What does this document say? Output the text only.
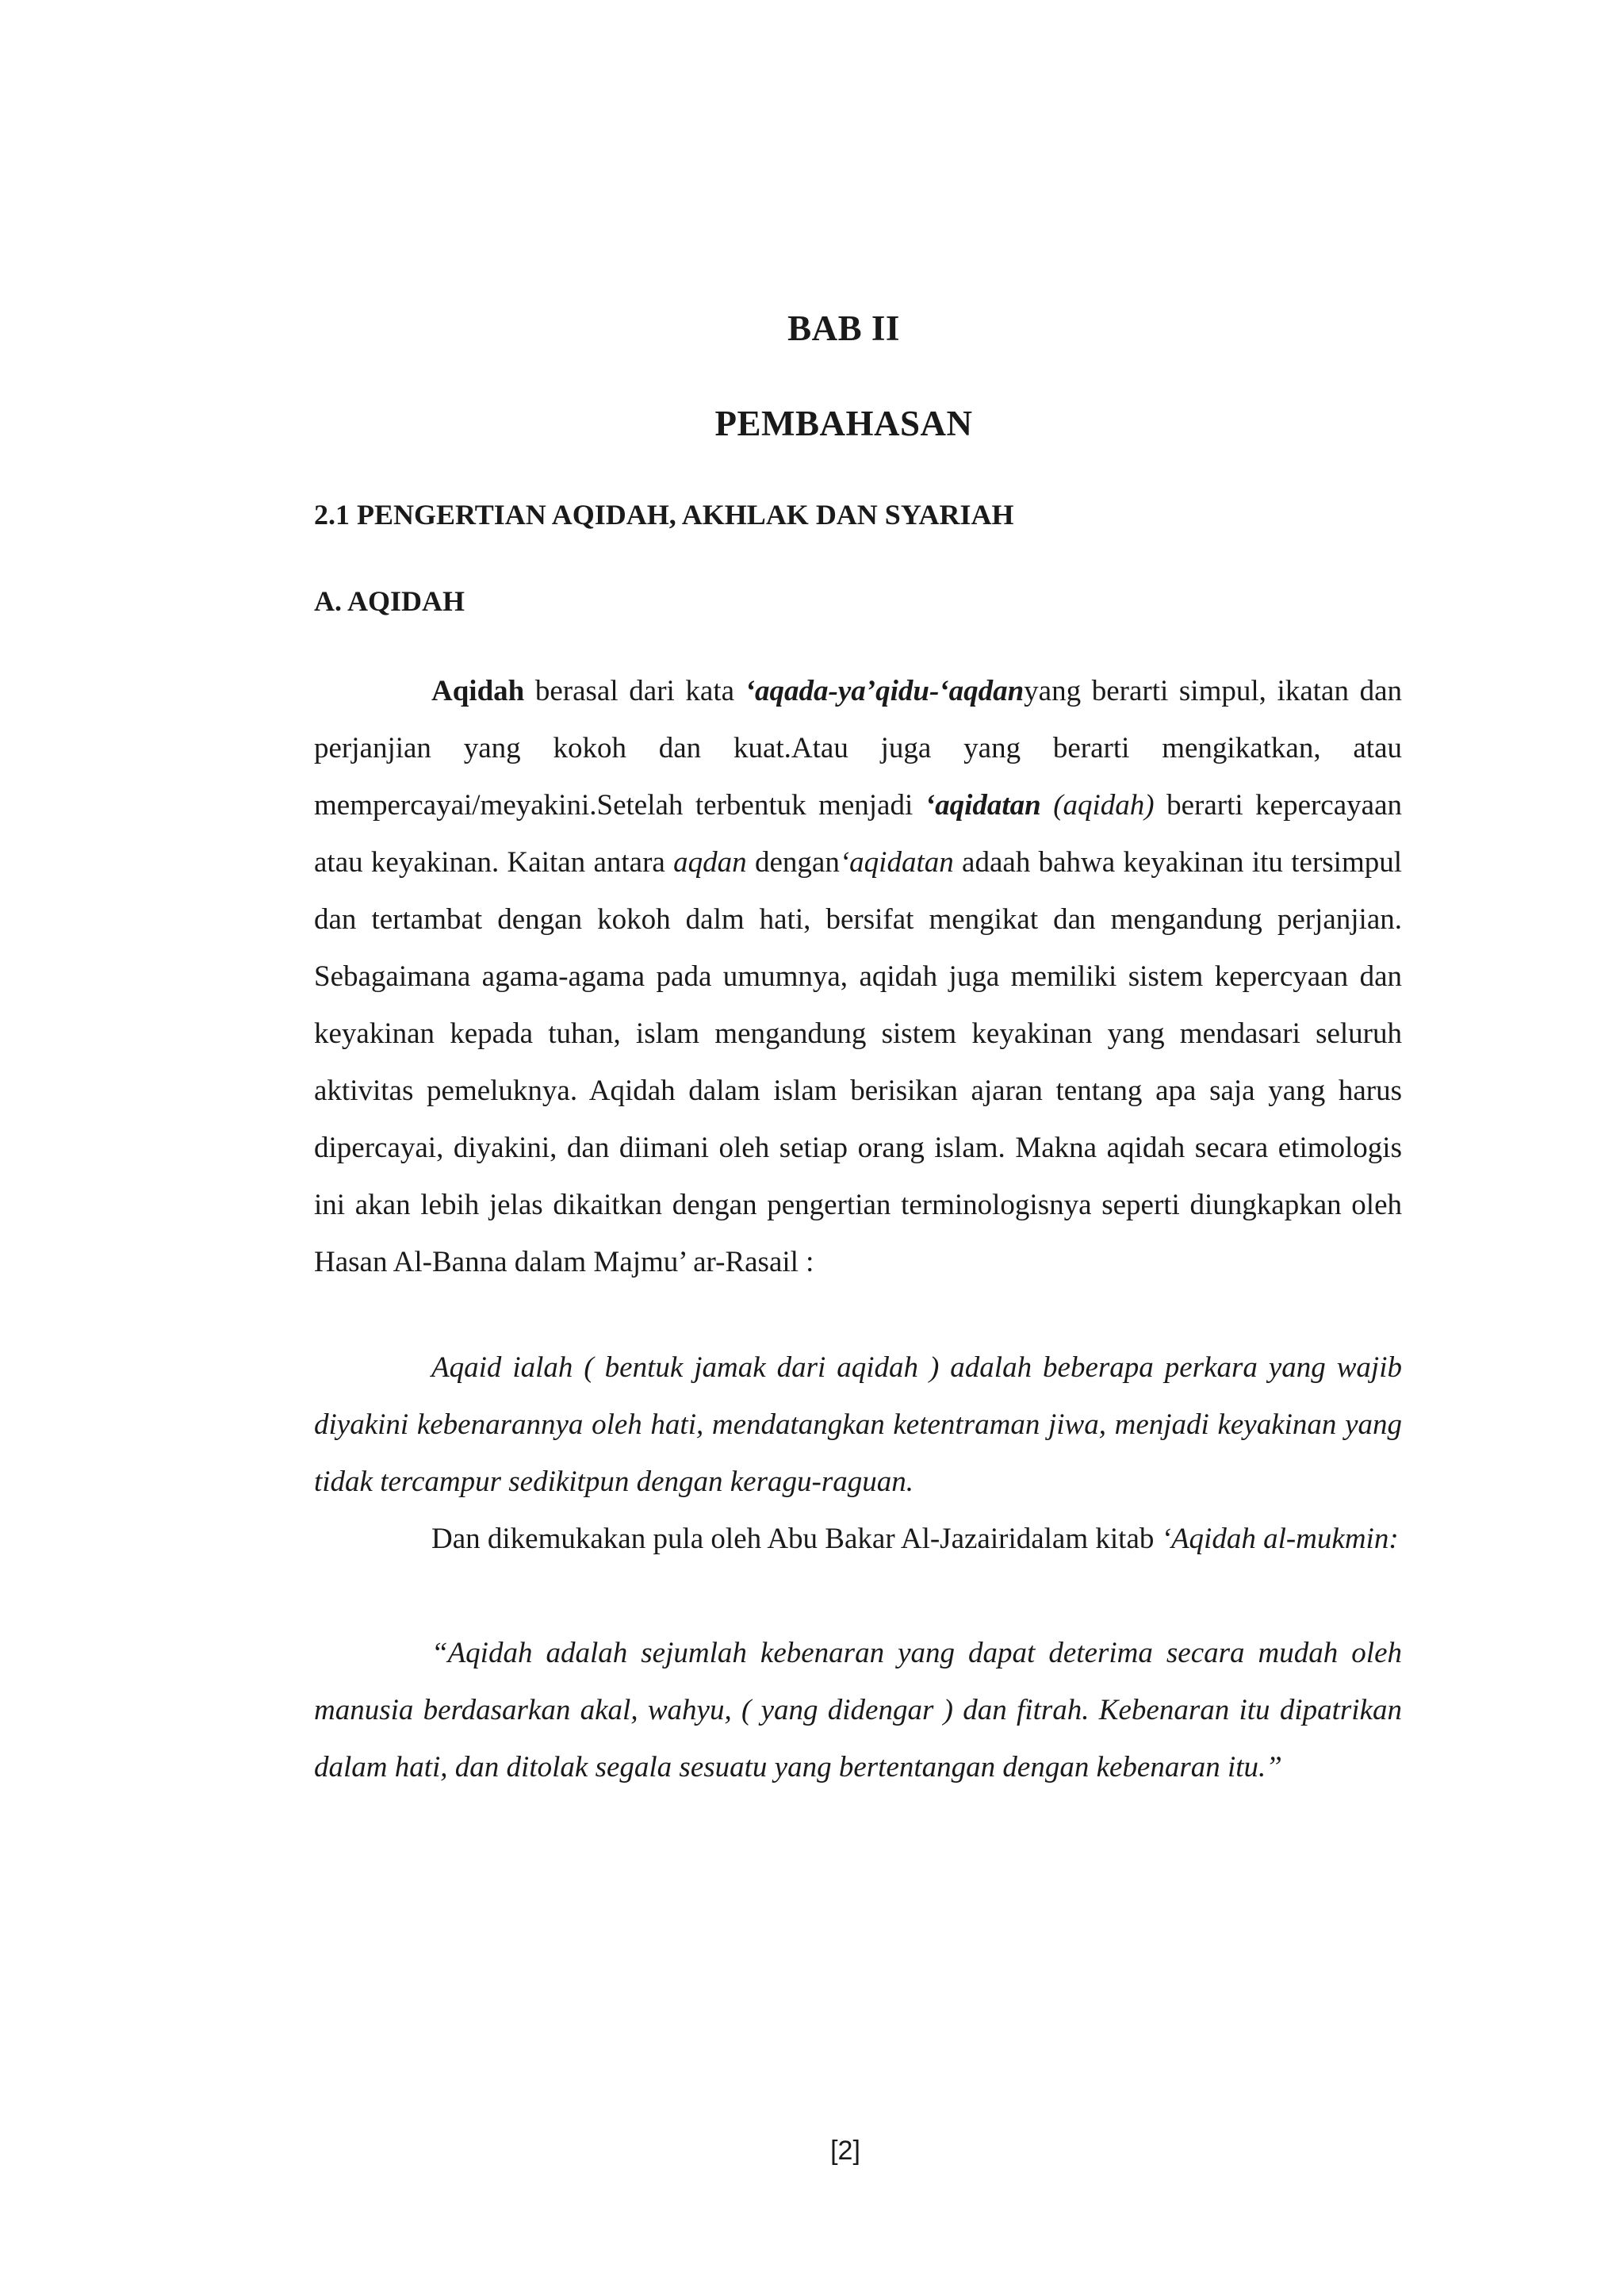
BAB II
PEMBAHASAN
2.1 PENGERTIAN AQIDAH, AKHLAK DAN SYARIAH
A. AQIDAH

Aqidah berasal dari kata ‘aqada-ya’qidu-‘aqdanyang berarti simpul, ikatan dan perjanjian yang kokoh dan kuat.Atau juga yang berarti mengikatkan, atau mempercayai/meyakini.Setelah terbentuk menjadi ‘aqidatan (aqidah) berarti kepercayaan atau keyakinan. Kaitan antara aqdan dengan‘aqidatan adaah bahwa keyakinan itu tersimpul dan tertambat dengan kokoh dalm hati, bersifat mengikat dan mengandung perjanjian. Sebagaimana agama-agama pada umumnya, aqidah juga memiliki sistem kepercyaan dan keyakinan kepada tuhan, islam mengandung sistem keyakinan yang mendasari seluruh aktivitas pemeluknya. Aqidah dalam islam berisikan ajaran tentang apa saja yang harus dipercayai, diyakini, dan diimani oleh setiap orang islam. Makna aqidah secara etimologis ini akan lebih jelas dikaitkan dengan pengertian terminologisnya seperti diungkapkan oleh Hasan Al-Banna dalam Majmu’ ar-Rasail :

Aqaid ialah ( bentuk jamak dari aqidah ) adalah beberapa perkara yang wajib diyakini kebenarannya oleh hati, mendatangkan ketentraman jiwa, menjadi keyakinan yang tidak tercampur sedikitpun dengan keragu-raguan.

Dan dikemukakan pula oleh Abu Bakar Al-Jazairidalam kitab ‘Aqidah al-mukmin:

“Aqidah adalah sejumlah kebenaran yang dapat deterima secara mudah oleh manusia berdasarkan akal, wahyu, ( yang didengar ) dan fitrah. Kebenaran itu dipatrikan dalam hati, dan ditolak segala sesuatu yang bertentangan dengan kebenaran itu.”

[2]
